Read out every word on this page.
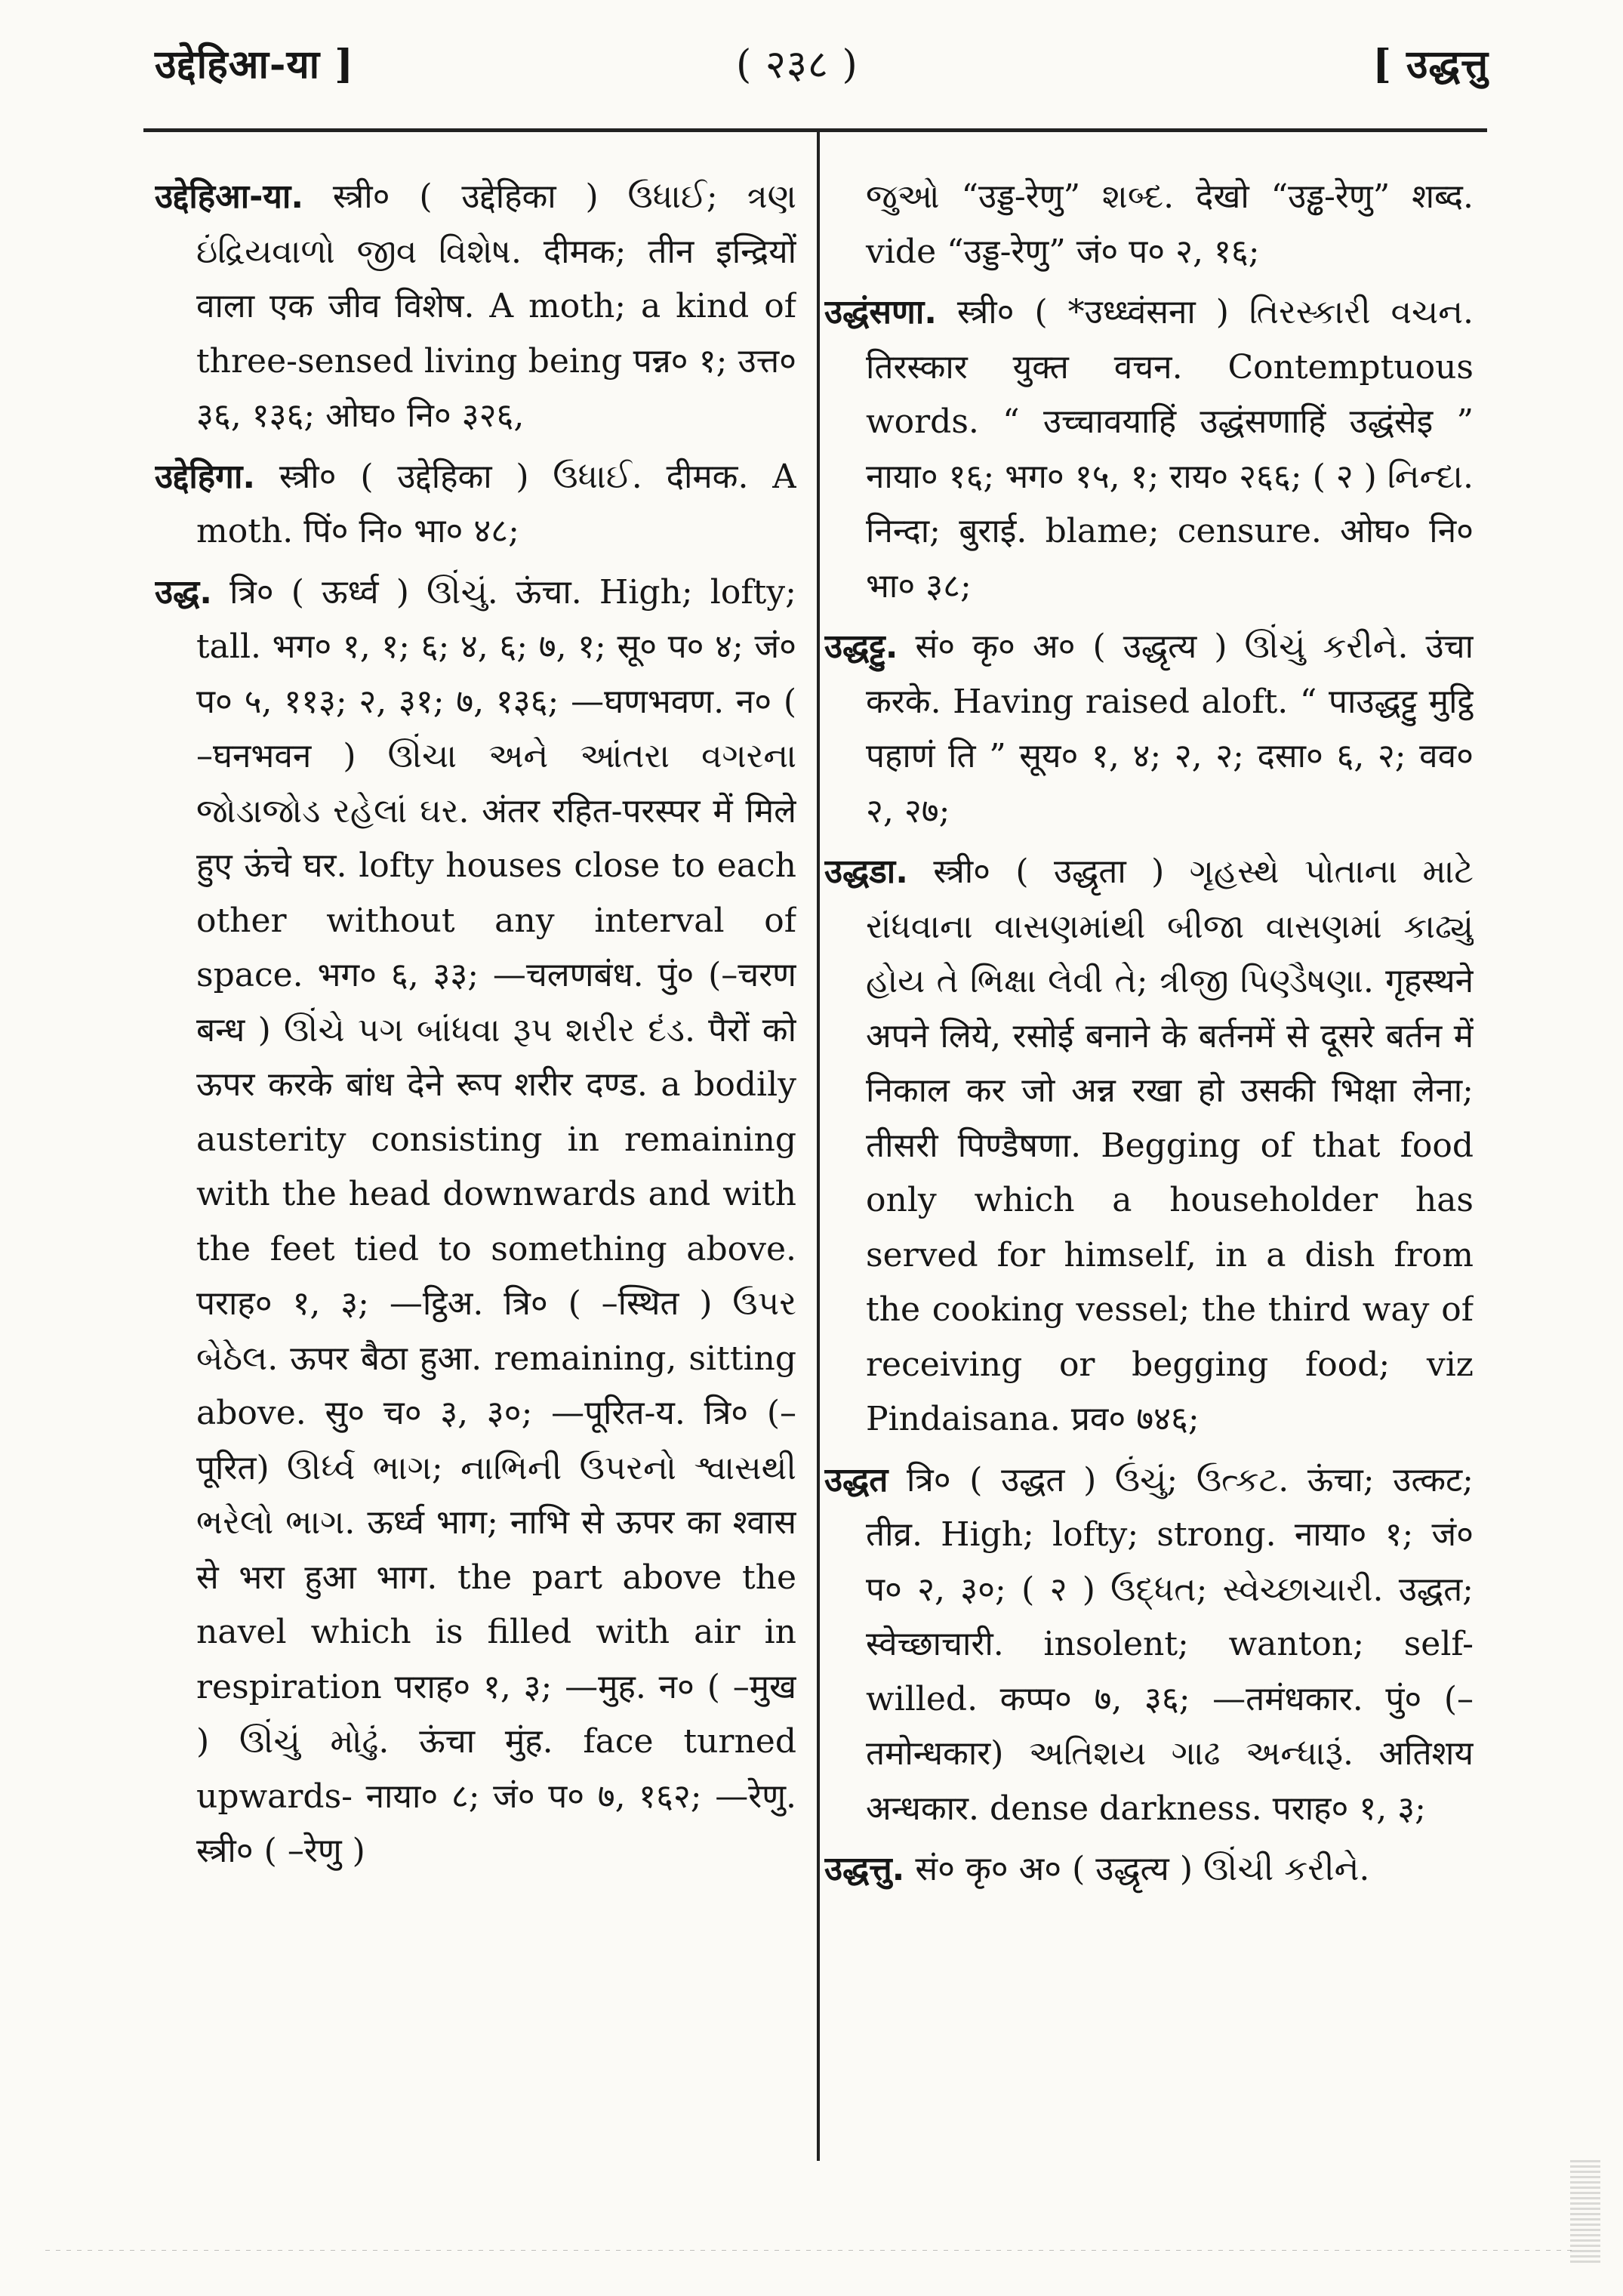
उद्देहिआ-या ]	( २३८ )	[ उद्धत्तु

उद्देहिआ-या. स्त्री० ( उद्देहिका ) ઉધાઈ; ત્રણ ઇંદ્રિયવાળો જીવ વિશેષ. दीमक; तीन इन्द्रियों वाला एक जीव विशेष. A moth; a kind of three-sensed living being पन्न० १; उत्त० ३६, १३६; ओघ० नि० ३२६,

उद्देहिगा. स्त्री० ( उद्देहिका ) ઉધાઈ. दीमक. A moth. पिं० नि० भा० ४८;

उद्ध. त्रि० ( ऊर्ध्व ) ઊંચું. ऊंचा. High; lofty; tall. भग० १, १; ६; ४, ६; ७, १; सू० प० ४; जं० प० ५, ११३; २, ३१; ७, १३६; —घणभवण. न० ( –घनभवन ) ઊંચા અને આંતરા વગરના જોડાજોડ રહેલાં ઘર. अंतर रहित-परस्पर में मिले हुए ऊंचे घर. lofty houses close to each other without any interval of space. भग० ६, ३३; —चलणबंध. पुं० (–चरण बन्ध ) ઊંચે પગ બાંધવા રૂપ શરીર દંડ. पैरों को ऊपर करके बांध देने रूप शरीर दण्ड. a bodily austerity consisting in remaining with the head downwards and with the feet tied to something above. पराह० १, ३; —ट्ठिअ. त्रि० ( –स्थित ) ઉપર બેઠેલ. ऊपर बैठा हुआ. remaining, sitting above. सु० च० ३, ३०; —पूरित-य. त्रि० (–पूरित) ઊર્ધ્વ ભાગ; નાભિની ઉપરનો શ્વાસથી ભરેલો ભાગ. ऊर्ध्व भाग; नाभि से ऊपर का श्वास से भरा हुआ भाग. the part above the navel which is filled with air in respiration पराह० १, ३; —मुह. न० ( –मुख ) ઊંચું મોઢું. ऊंचा मुंह. face turned upwards- नाया० ८; जं० प० ७, १६२; —रेणु. स्त्री० ( –रेणु )

જુઓ “उड्ड-रेणु” શબ્દ. देखो “उड्ढ-रेणु” शब्द. vide “उड्ड-रेणु” जं० प० २, १६;

उद्धंसणा. स्त्री० ( *उध्ध्वंसना ) તિરસ્કારી વચન. तिरस्कार युक्त वचन. Contemptuous words. “ उच्चावयाहिं उद्धंसणाहिं उद्धंसेइ ” नाया० १६; भग० १५, १; राय० २६६; ( २ ) નિન્દા. निन्दा; बुराई. blame; censure. ओघ० नि० भा० ३८;

उद्धट्टु. सं० कृ० अ० ( उद्धृत्य ) ઊંચું કરીને. उंचा करके. Having raised aloft. “ पाउद्धट्टु मुट्ठि पहाणं ति ” सूय० १, ४; २, २; दसा० ६, २; वव० २, २७;

उद्धडा. स्त्री० ( उद्धृता ) ગૃહસ્થે પોતાના માટે રાંધવાના વાસણમાંથી બીજા વાસણમાં કાઢ્યું હોય તે ભિક્ષા લેવી તે; ત્રીજી પિણ્ડૈષણા. गृहस्थने अपने लिये, रसोई बनाने के बर्तनमें से दूसरे बर्तन में निकाल कर जो अन्न रखा हो उसकी भिक्षा लेना; तीसरी पिण्डैषणा. Begging of that food only which a householder has served for himself, in a dish from the cooking vessel; the third way of receiving or begging food; viz Pindaisana. प्रव० ७४६;

उद्धत त्रि० ( उद्धत ) ઉંચું; ઉત્કટ. ऊंचा; उत्कट; तीव्र. High; lofty; strong. नाया० १; जं० प० २, ३०; ( २ ) ઉદ્ધત; સ્વેચ્છાચારી. उद्धत; स्वेच्छाचारी. insolent; wanton; self-willed. कप्प० ७, ३६; —तमंधकार. पुं० (–तमोन्धकार) અતિશય ગાઢ અન્ધારૂં. अतिशय अन्धकार. dense darkness. पराह० १, ३;

उद्धत्तु. सं० कृ० अ० ( उद्धृत्य ) ઊંચી કરીને.
